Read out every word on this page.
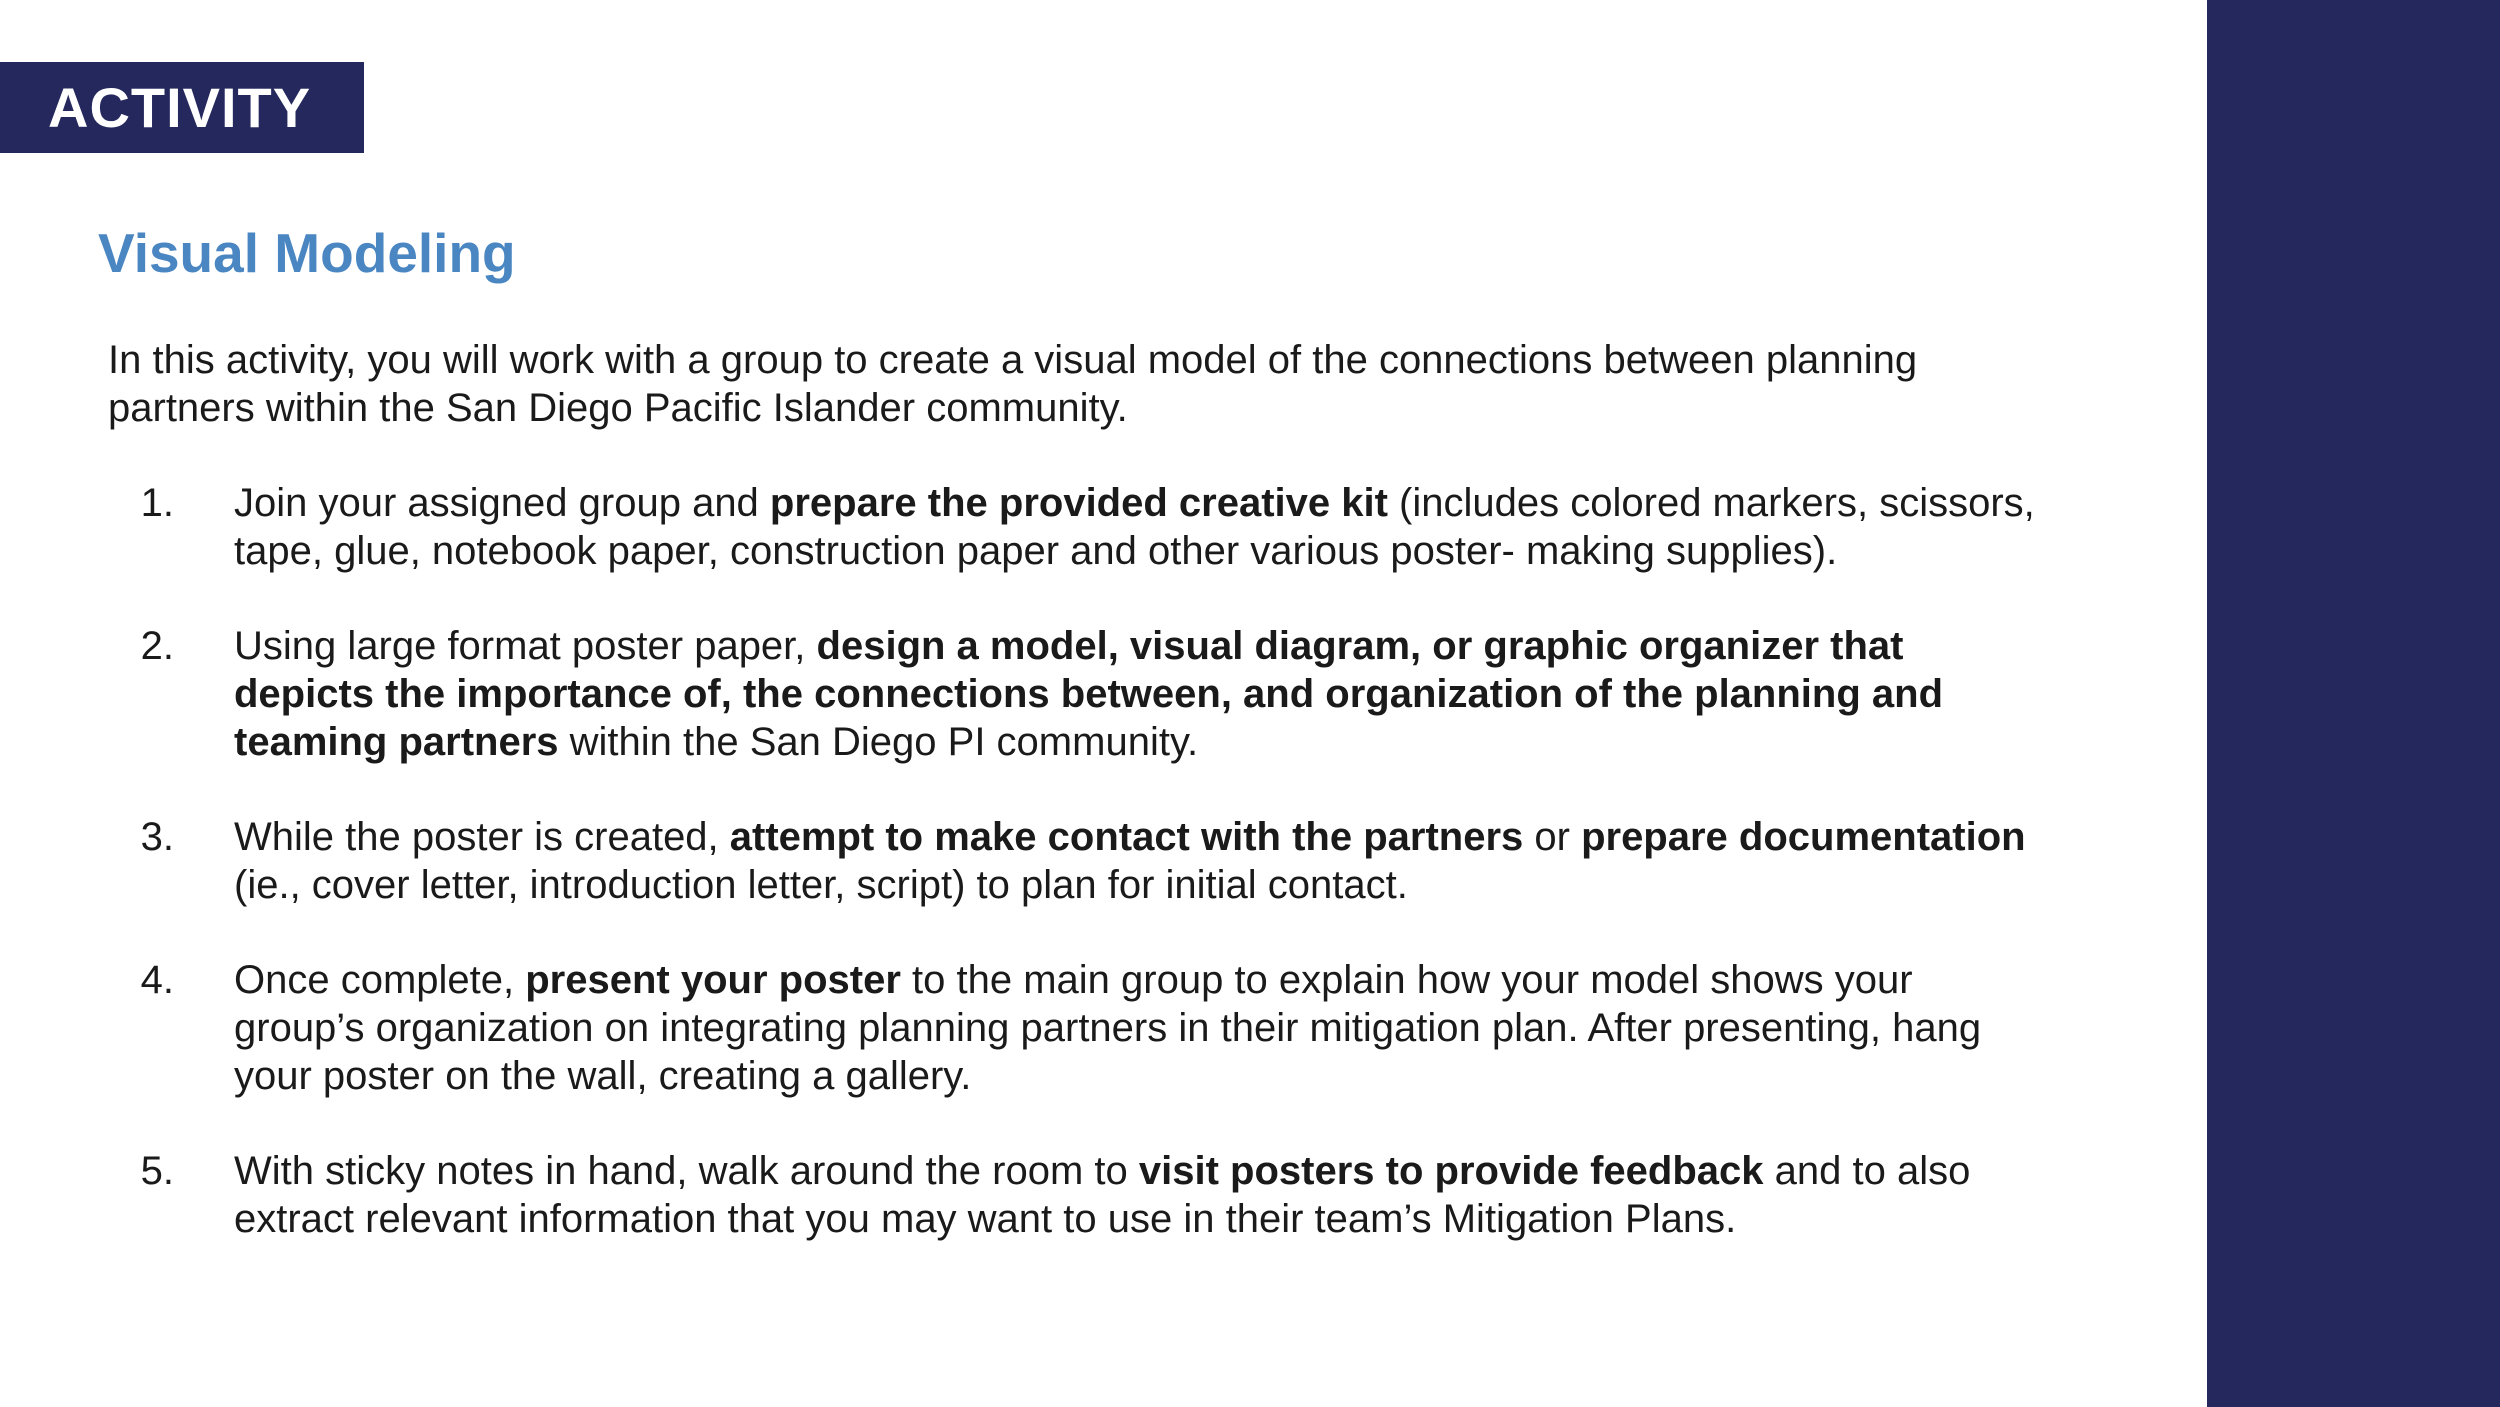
ACTIVITY
Visual Modeling

In this activity, you will work with a group to create a visual model of the connections between planning partners within the San Diego Pacific Islander community.

1.	Join your assigned group and prepare the provided creative kit (includes colored markers, scissors, tape, glue, notebook paper, construction paper and other various poster- making supplies).
2.	Using large format poster paper, design a model, visual diagram, or graphic organizer that depicts the importance of, the connections between, and organization of the planning and teaming partners within the San Diego PI community.
3.	While the poster is created, attempt to make contact with the partners or prepare documentation (ie., cover letter, introduction letter, script) to plan for initial contact.
4.	Once complete, present your poster to the main group to explain how your model shows your group’s organization on integrating planning partners in their mitigation plan. After presenting, hang your poster on the wall, creating a gallery.
5.	With sticky notes in hand, walk around the room to visit posters to provide feedback and to also extract relevant information that you may want to use in their team’s Mitigation Plans.
